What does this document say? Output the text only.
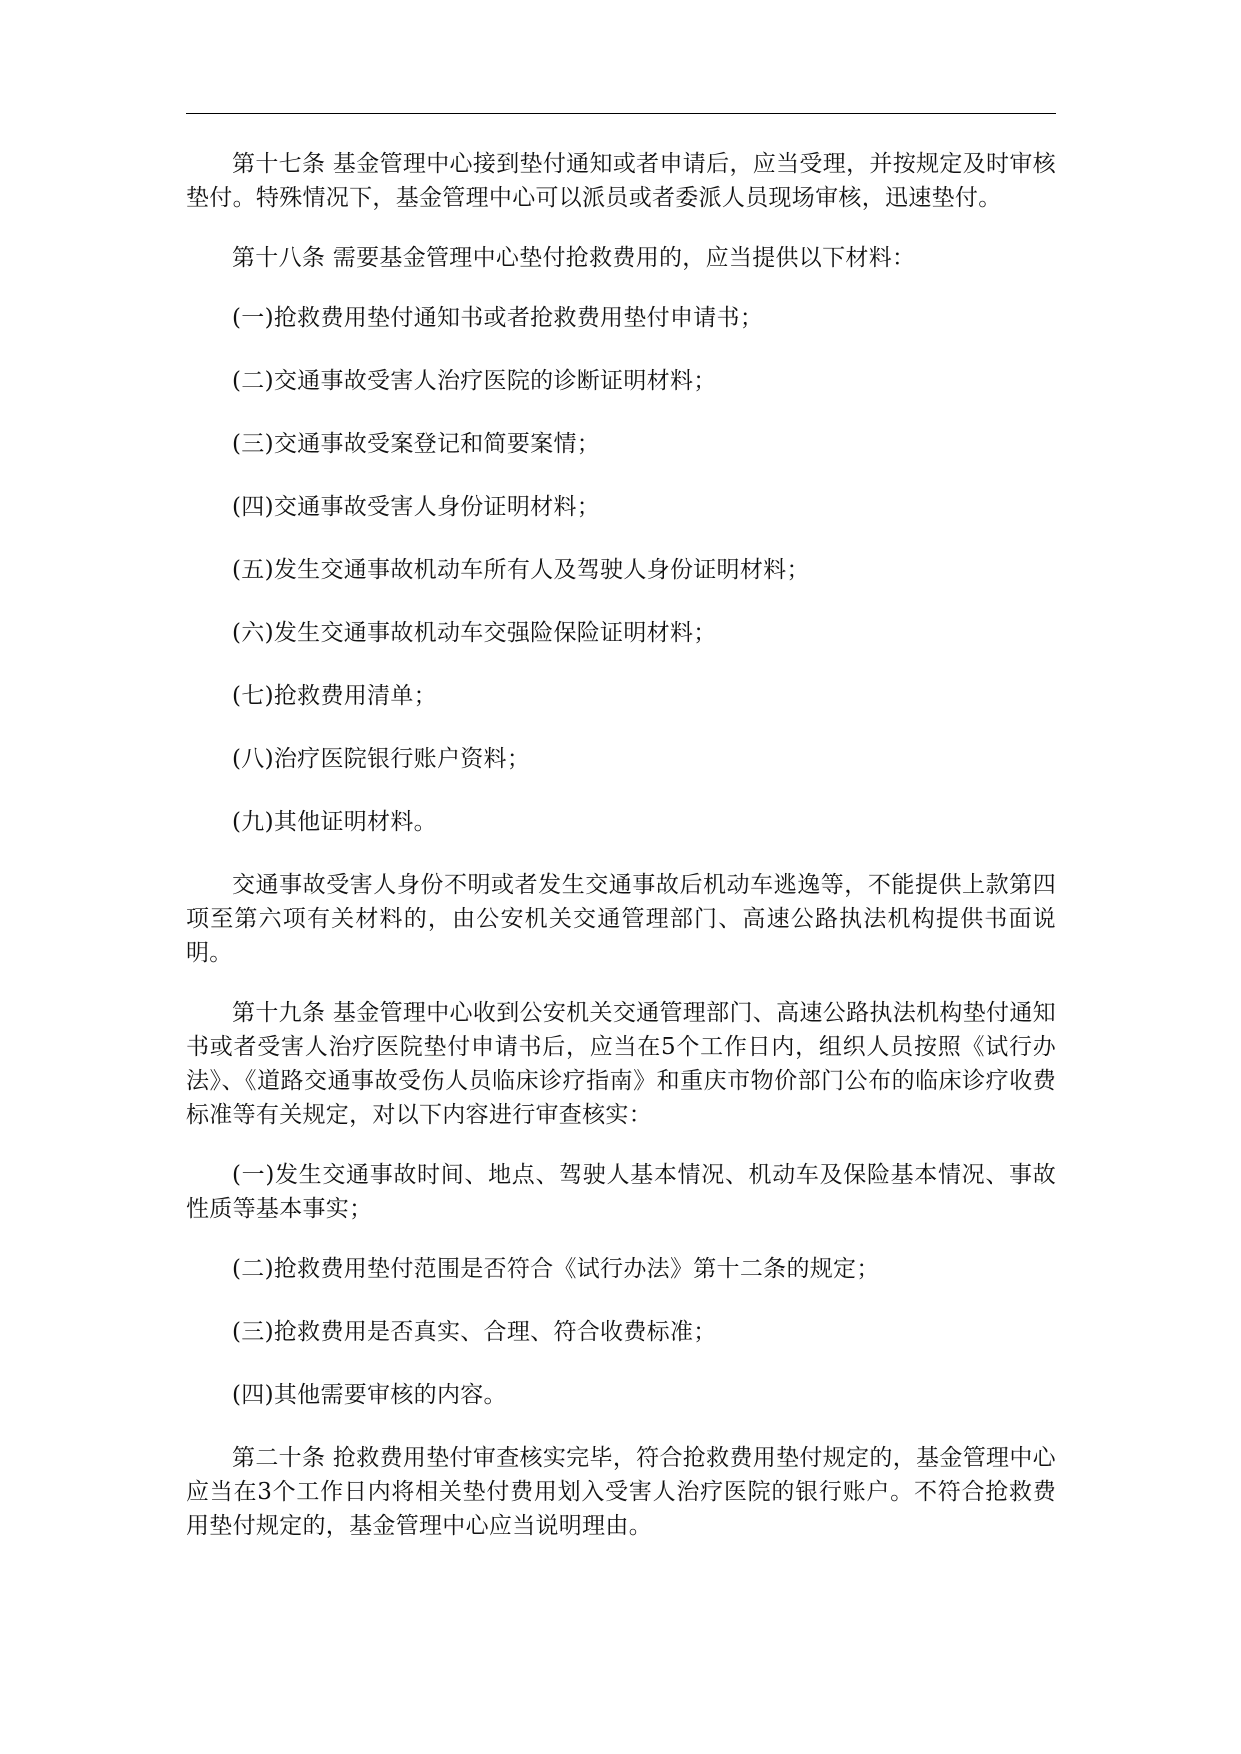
第十七条 基金管理中心接到垫付通知或者申请后，应当受理，并按规定及时审核垫付。特殊情况下，基金管理中心可以派员或者委派人员现场审核，迅速垫付。

第十八条 需要基金管理中心垫付抢救费用的，应当提供以下材料：

(一)抢救费用垫付通知书或者抢救费用垫付申请书；

(二)交通事故受害人治疗医院的诊断证明材料；

(三)交通事故受案登记和简要案情；

(四)交通事故受害人身份证明材料；

(五)发生交通事故机动车所有人及驾驶人身份证明材料；

(六)发生交通事故机动车交强险保险证明材料；

(七)抢救费用清单；

(八)治疗医院银行账户资料；

(九)其他证明材料。

交通事故受害人身份不明或者发生交通事故后机动车逃逸等，不能提供上款第四项至第六项有关材料的，由公安机关交通管理部门、高速公路执法机构提供书面说明。

第十九条 基金管理中心收到公安机关交通管理部门、高速公路执法机构垫付通知书或者受害人治疗医院垫付申请书后，应当在5个工作日内，组织人员按照《试行办法》、《道路交通事故受伤人员临床诊疗指南》和重庆市物价部门公布的临床诊疗收费标准等有关规定，对以下内容进行审查核实：

(一)发生交通事故时间、地点、驾驶人基本情况、机动车及保险基本情况、事故性质等基本事实；

(二)抢救费用垫付范围是否符合《试行办法》第十二条的规定；

(三)抢救费用是否真实、合理、符合收费标准；

(四)其他需要审核的内容。

第二十条 抢救费用垫付审查核实完毕，符合抢救费用垫付规定的，基金管理中心应当在3个工作日内将相关垫付费用划入受害人治疗医院的银行账户。不符合抢救费用垫付规定的，基金管理中心应当说明理由。
